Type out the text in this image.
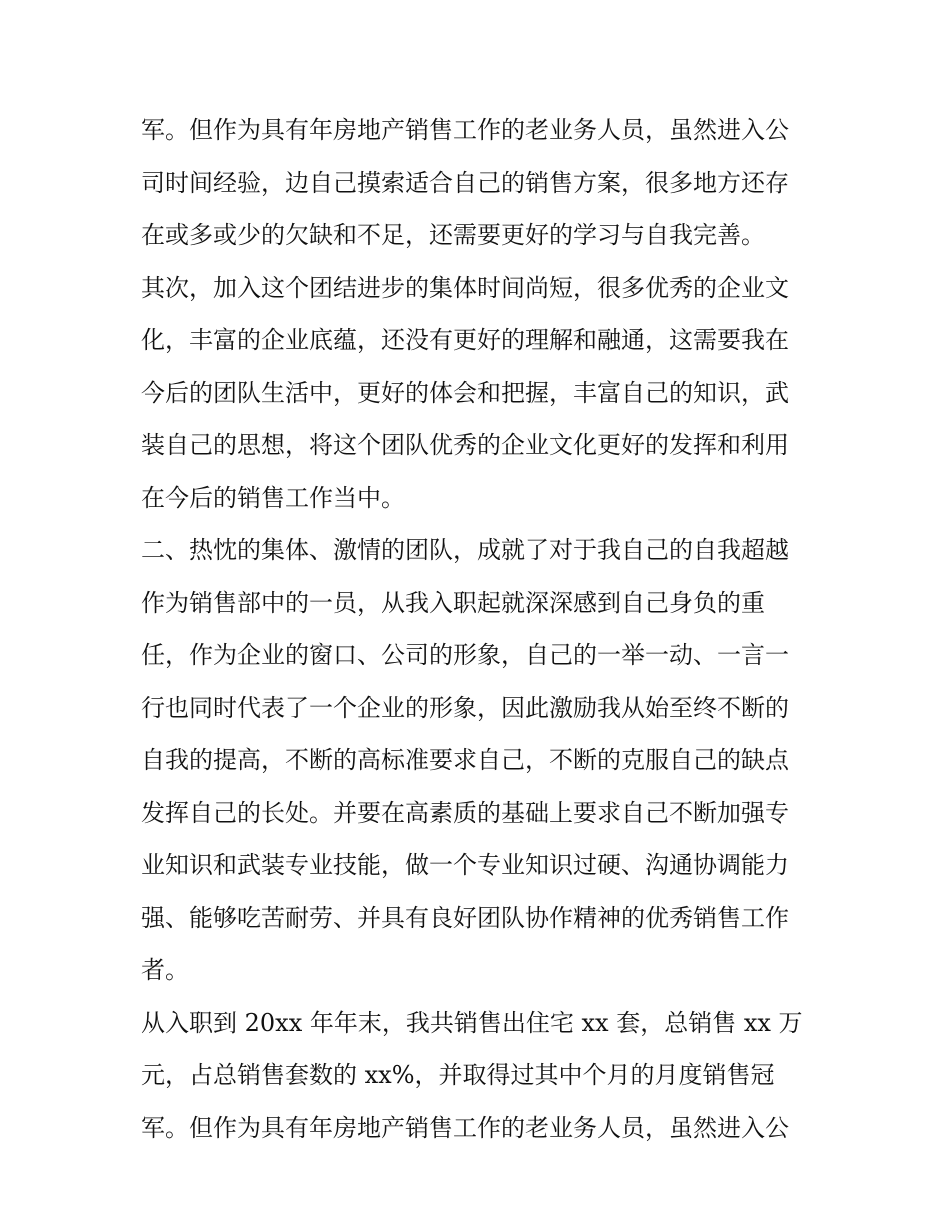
军。但作为具有年房地产销售工作的老业务人员，虽然进入公
司时间经验，边自己摸索适合自己的销售方案，很多地方还存
在或多或少的欠缺和不足，还需要更好的学习与自我完善。
其次，加入这个团结进步的集体时间尚短，很多优秀的企业文
化，丰富的企业底蕴，还没有更好的理解和融通，这需要我在
今后的团队生活中，更好的体会和把握，丰富自己的知识，武
装自己的思想，将这个团队优秀的企业文化更好的发挥和利用
在今后的销售工作当中。
二、热忱的集体、激情的团队，成就了对于我自己的自我超越
作为销售部中的一员，从我入职起就深深感到自己身负的重
任，作为企业的窗口、公司的形象，自己的一举一动、一言一
行也同时代表了一个企业的形象，因此激励我从始至终不断的
自我的提高，不断的高标准要求自己，不断的克服自己的缺点
发挥自己的长处。并要在高素质的基础上要求自己不断加强专
业知识和武装专业技能，做一个专业知识过硬、沟通协调能力
强、能够吃苦耐劳、并具有良好团队协作精神的优秀销售工作
者。
从入职到 20xx 年年末，我共销售出住宅 xx 套，总销售 xx 万
元，占总销售套数的 xx%，并取得过其中个月的月度销售冠
军。但作为具有年房地产销售工作的老业务人员，虽然进入公
